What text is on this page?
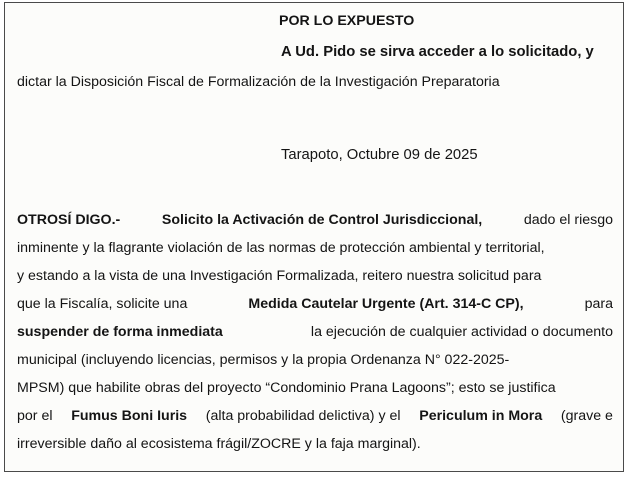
POR LO EXPUESTO
A Ud. Pido se sirva acceder a lo solicitado, y
dictar la Disposición Fiscal de Formalización de la Investigación Preparatoria
Tarapoto, Octubre 09 de 2025
OTROSÍ DIGO.-	Solicito la Activación de Control Jurisdiccional,	dado el riesgo
inminente y la flagrante violación de las normas de protección ambiental y territorial,
y estando a la vista de una Investigación Formalizada, reitero nuestra solicitud para
que la Fiscalía, solicite una	Medida Cautelar Urgente (Art. 314-C CP),	para
suspender de forma inmediata	la ejecución de cualquier actividad o documento
municipal (incluyendo licencias, permisos y la propia Ordenanza N° 022-2025-
MPSM) que habilite obras del proyecto “Condominio Prana Lagoons”; esto se justifica
por el Fumus Boni Iuris (alta probabilidad delictiva) y el Periculum in Mora (grave e
irreversible daño al ecosistema frágil/ZOCRE y la faja marginal).
